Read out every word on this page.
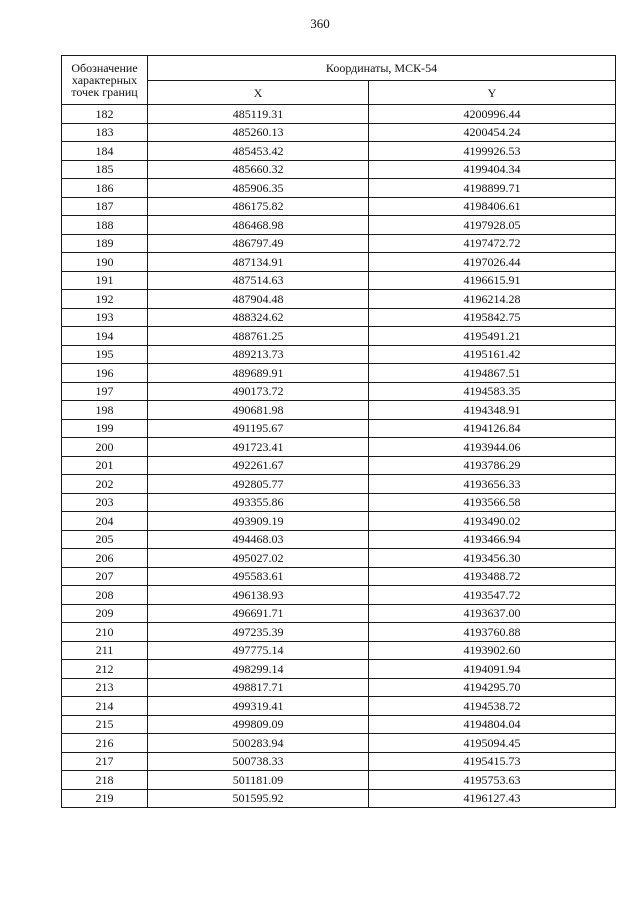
360
Обозначение характерных точек границ	Координаты, МСК-54	
	X	Y
182	485119.31	4200996.44
183	485260.13	4200454.24
184	485453.42	4199926.53
185	485660.32	4199404.34
186	485906.35	4198899.71
187	486175.82	4198406.61
188	486468.98	4197928.05
189	486797.49	4197472.72
190	487134.91	4197026.44
191	487514.63	4196615.91
192	487904.48	4196214.28
193	488324.62	4195842.75
194	488761.25	4195491.21
195	489213.73	4195161.42
196	489689.91	4194867.51
197	490173.72	4194583.35
198	490681.98	4194348.91
199	491195.67	4194126.84
200	491723.41	4193944.06
201	492261.67	4193786.29
202	492805.77	4193656.33
203	493355.86	4193566.58
204	493909.19	4193490.02
205	494468.03	4193466.94
206	495027.02	4193456.30
207	495583.61	4193488.72
208	496138.93	4193547.72
209	496691.71	4193637.00
210	497235.39	4193760.88
211	497775.14	4193902.60
212	498299.14	4194091.94
213	498817.71	4194295.70
214	499319.41	4194538.72
215	499809.09	4194804.04
216	500283.94	4195094.45
217	500738.33	4195415.73
218	501181.09	4195753.63
219	501595.92	4196127.43
